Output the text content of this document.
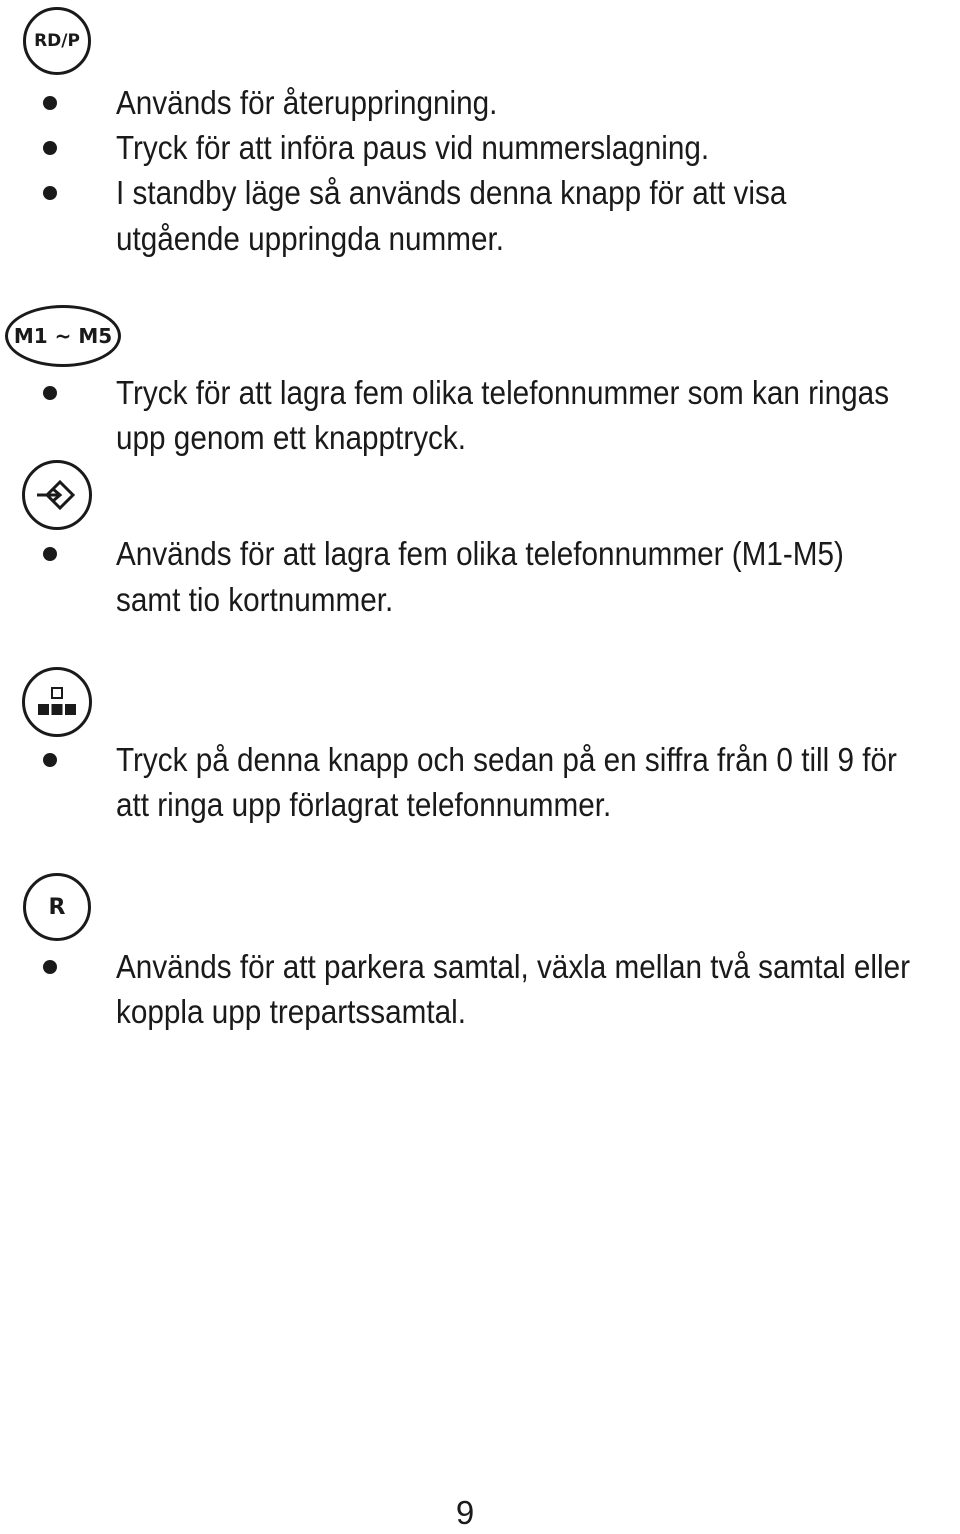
RD/P
Används för återuppringning.
Tryck för att införa paus vid nummerslagning.
I standby läge så används denna knapp för att visa
utgående uppringda nummer.
M1 ~ M5
Tryck för att lagra fem olika telefonnummer som kan ringas
upp genom ett knapptryck.
Används för att lagra fem olika telefonnummer (M1-M5)
samt tio kortnummer.
Tryck på denna knapp och sedan på en siffra från 0 till 9 för
att ringa upp förlagrat telefonnummer.
R
Används för att parkera samtal, växla mellan två samtal eller
koppla upp trepartssamtal.
9
